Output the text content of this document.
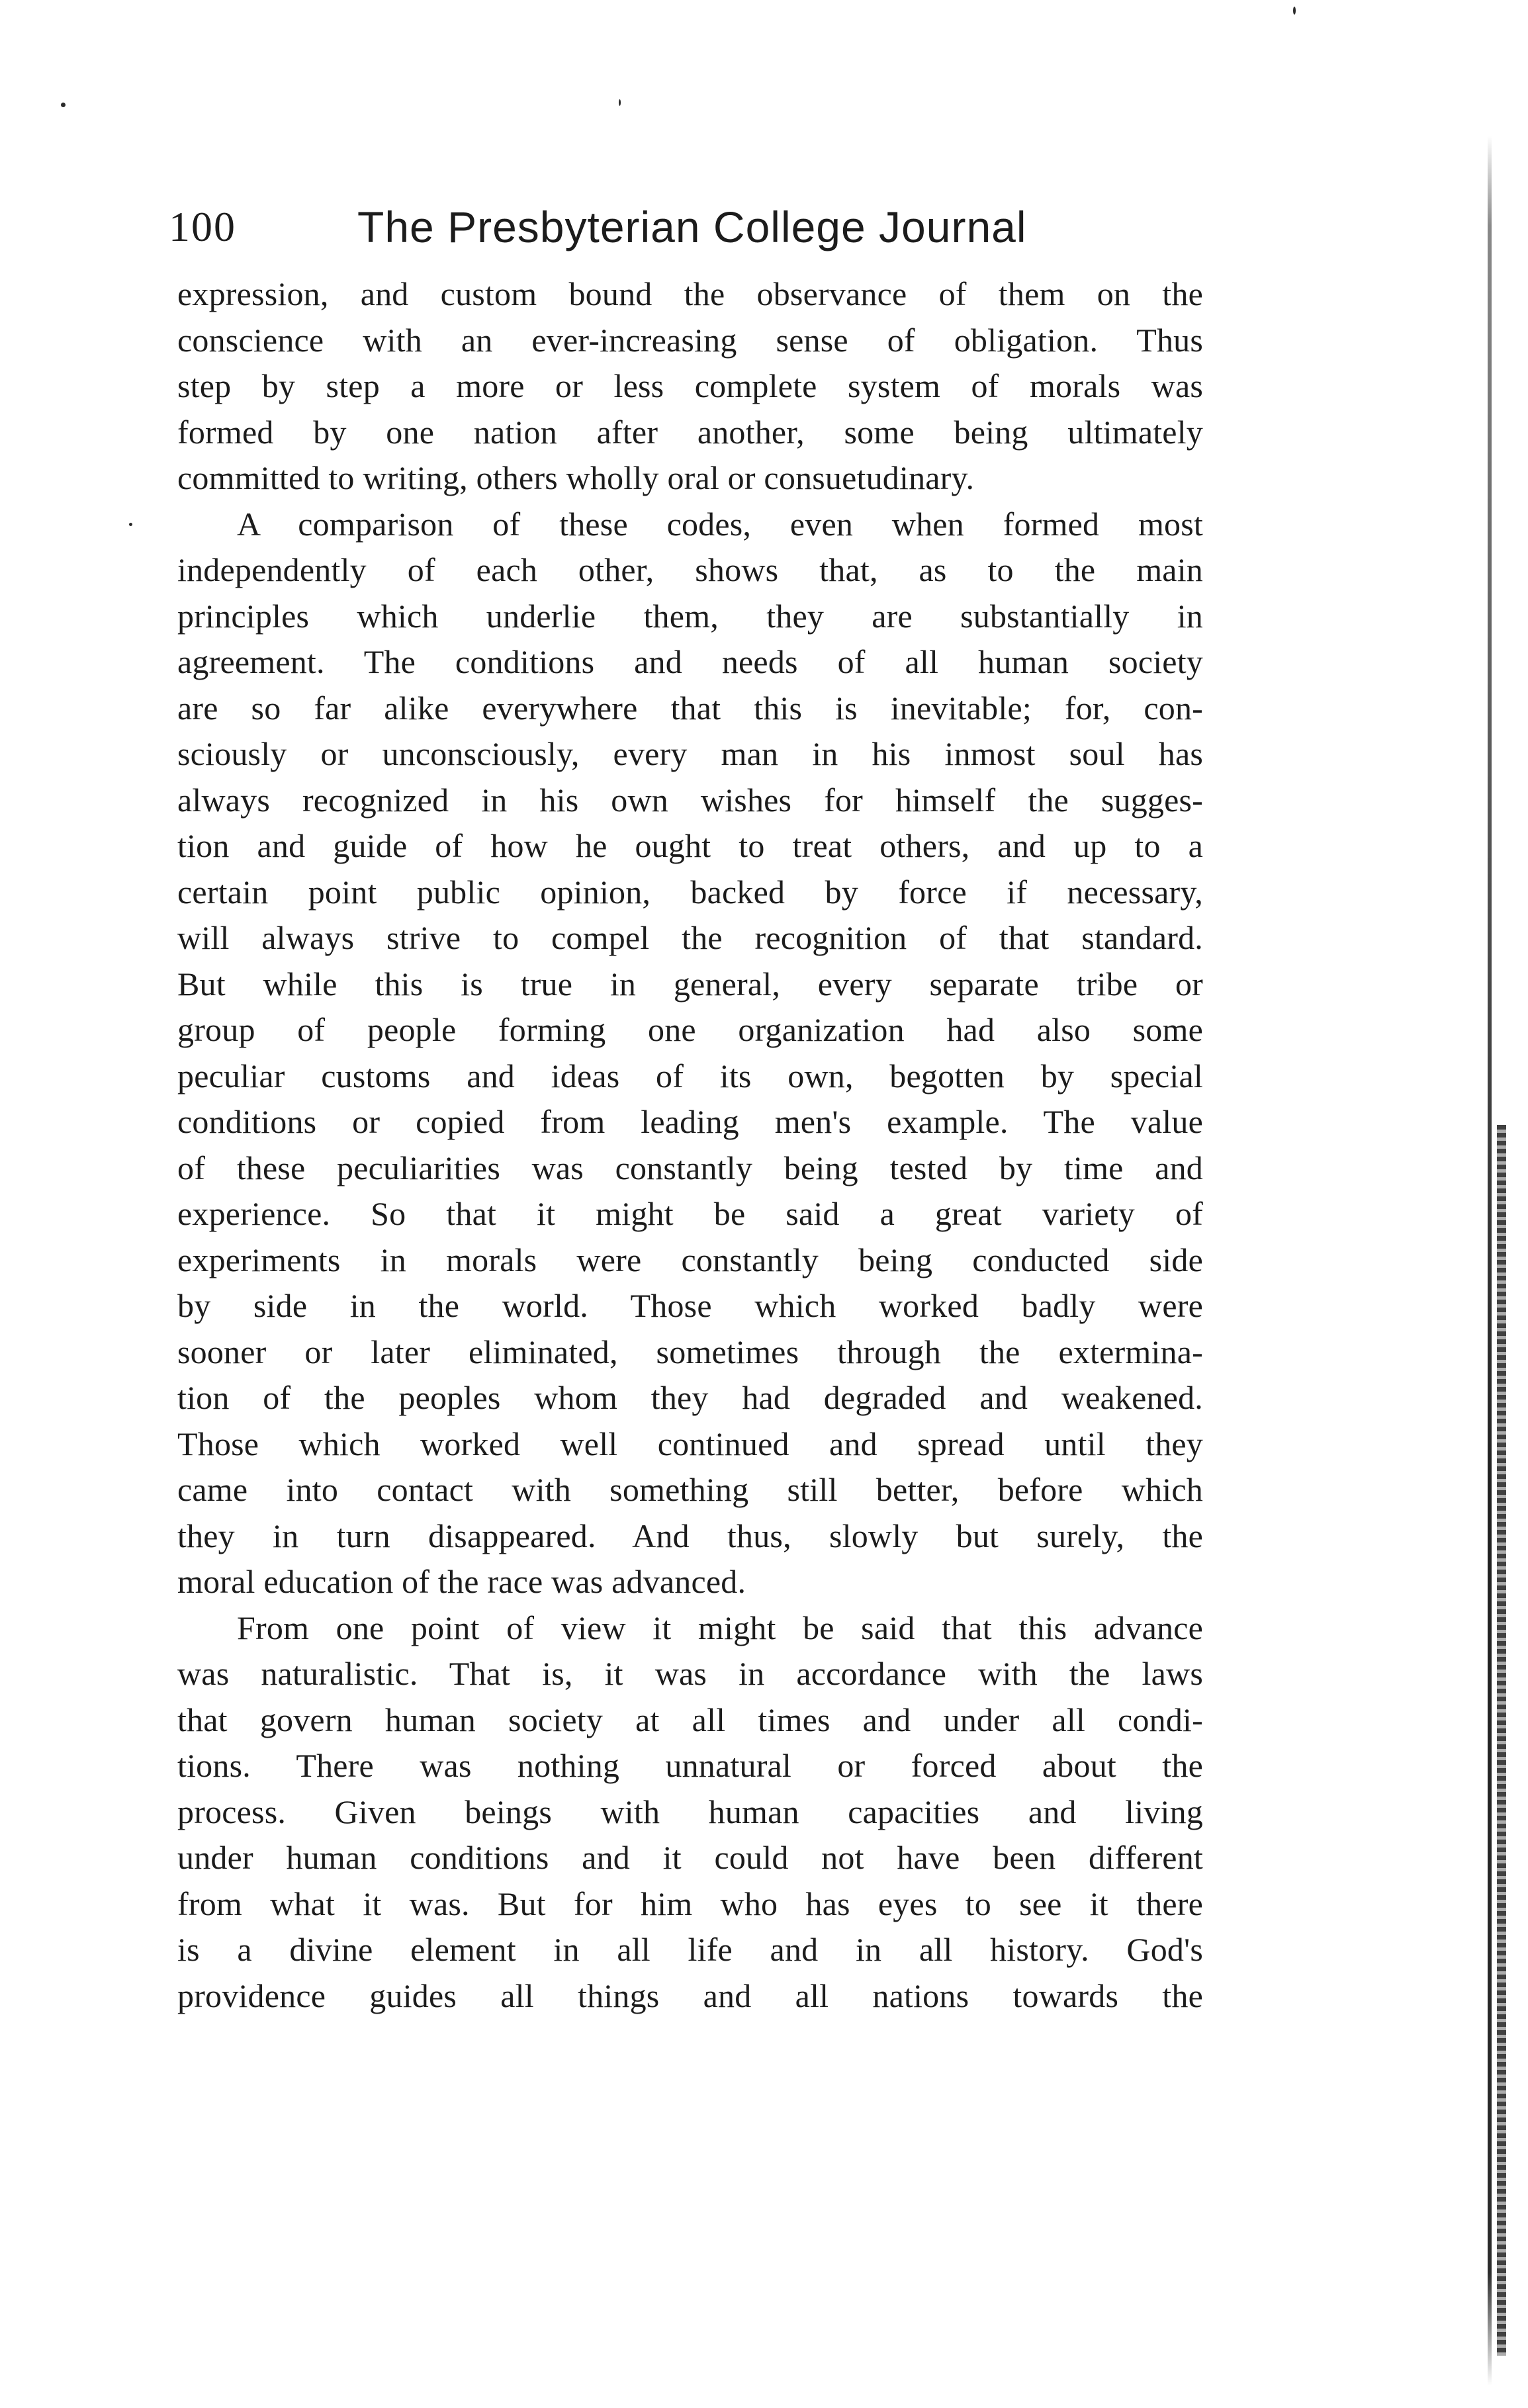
100	The Presbyterian College Journal
expression, and custom bound the observance of them on the
conscience with an ever-increasing sense of obligation. Thus
step by step a more or less complete system of morals was
formed by one nation after another, some being ultimately
committed to writing, others wholly oral or consuetudinary.
A comparison of these codes, even when formed most
independently of each other, shows that, as to the main
principles which underlie them, they are substantially in
agreement. The conditions and needs of all human society
are so far alike everywhere that this is inevitable; for, con-
sciously or unconsciously, every man in his inmost soul has
always recognized in his own wishes for himself the sugges-
tion and guide of how he ought to treat others, and up to a
certain point public opinion, backed by force if necessary,
will always strive to compel the recognition of that standard.
But while this is true in general, every separate tribe or
group of people forming one organization had also some
peculiar customs and ideas of its own, begotten by special
conditions or copied from leading men's example. The value
of these peculiarities was constantly being tested by time and
experience. So that it might be said a great variety of
experiments in morals were constantly being conducted side
by side in the world. Those which worked badly were
sooner or later eliminated, sometimes through the extermina-
tion of the peoples whom they had degraded and weakened.
Those which worked well continued and spread until they
came into contact with something still better, before which
they in turn disappeared. And thus, slowly but surely, the
moral education of the race was advanced.
From one point of view it might be said that this advance
was naturalistic. That is, it was in accordance with the laws
that govern human society at all times and under all condi-
tions. There was nothing unnatural or forced about the
process. Given beings with human capacities and living
under human conditions and it could not have been different
from what it was. But for him who has eyes to see it there
is a divine element in all life and in all history. God's
providence guides all things and all nations towards the
